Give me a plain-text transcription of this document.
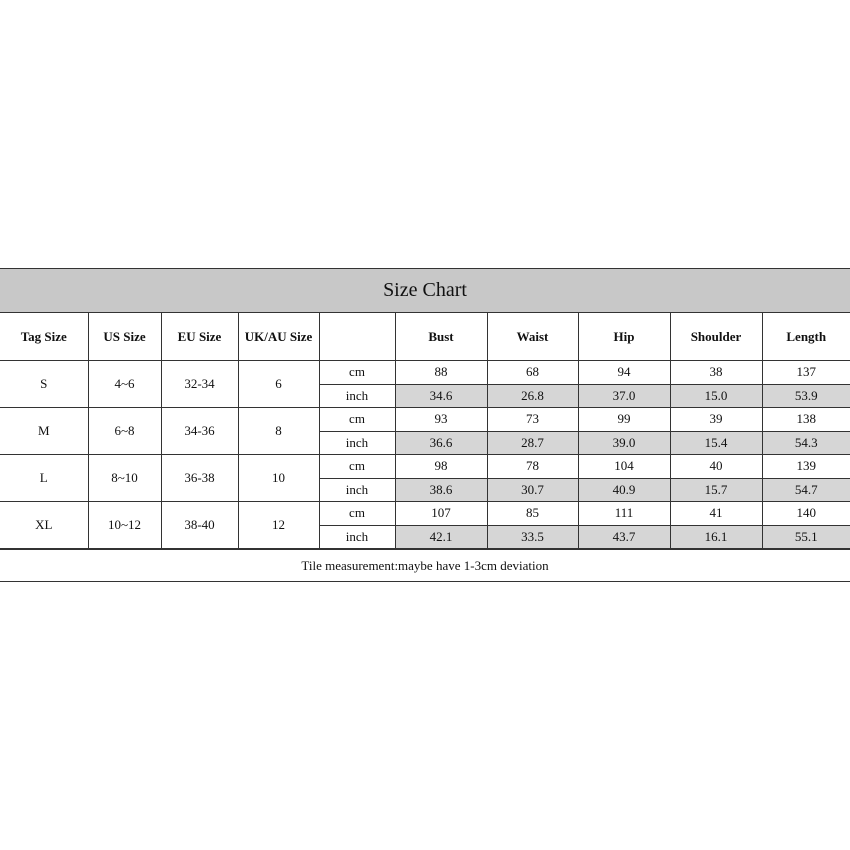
Size Chart
Tag Size	US Size	EU Size	UK/AU Size		Bust	Waist	Hip	Shoulder	Length
S	4~6	32-34	6	cm	88	68	94	38	137
				inch	34.6	26.8	37.0	15.0	53.9
M	6~8	34-36	8	cm	93	73	99	39	138
				inch	36.6	28.7	39.0	15.4	54.3
L	8~10	36-38	10	cm	98	78	104	40	139
				inch	38.6	30.7	40.9	15.7	54.7
XL	10~12	38-40	12	cm	107	85	111	41	140
				inch	42.1	33.5	43.7	16.1	55.1
Tile measurement:maybe have 1-3cm deviation
